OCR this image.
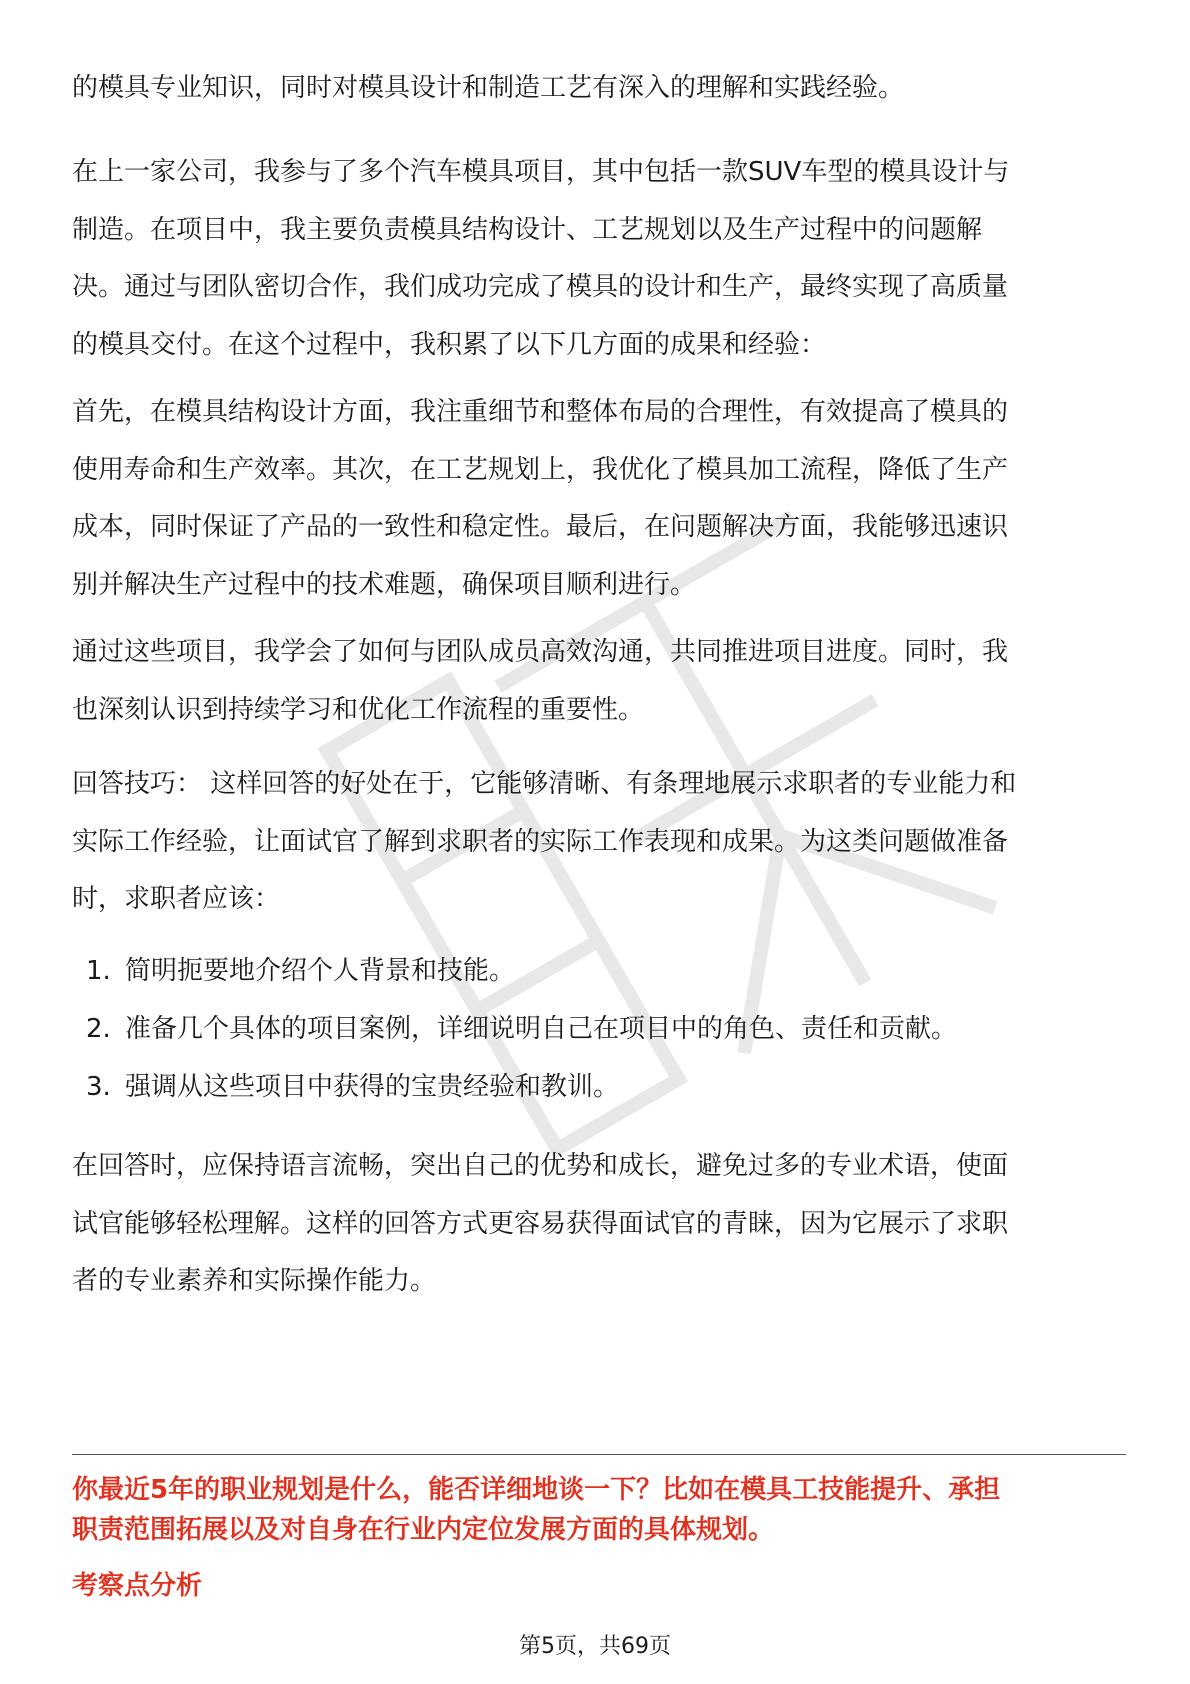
的模具专业知识，同时对模具设计和制造工艺有深入的理解和实践经验。
在上一家公司，我参与了多个汽车模具项目，其中包括一款SUV车型的模具设计与
制造。在项目中，我主要负责模具结构设计、工艺规划以及生产过程中的问题解
决。通过与团队密切合作，我们成功完成了模具的设计和生产，最终实现了高质量
的模具交付。在这个过程中，我积累了以下几方面的成果和经验：
首先，在模具结构设计方面，我注重细节和整体布局的合理性，有效提高了模具的
使用寿命和生产效率。其次，在工艺规划上，我优化了模具加工流程，降低了生产
成本，同时保证了产品的一致性和稳定性。最后，在问题解决方面，我能够迅速识
别并解决生产过程中的技术难题，确保项目顺利进行。
通过这些项目，我学会了如何与团队成员高效沟通，共同推进项目进度。同时，我
也深刻认识到持续学习和优化工作流程的重要性。
回答技巧： 这样回答的好处在于，它能够清晰、有条理地展示求职者的专业能力和
实际工作经验，让面试官了解到求职者的实际工作表现和成果。为这类问题做准备
时，求职者应该：
1. 简明扼要地介绍个人背景和技能。
2. 准备几个具体的项目案例，详细说明自己在项目中的角色、责任和贡献。
3. 强调从这些项目中获得的宝贵经验和教训。
在回答时，应保持语言流畅，突出自己的优势和成长，避免过多的专业术语，使面
试官能够轻松理解。这样的回答方式更容易获得面试官的青睐，因为它展示了求职
者的专业素养和实际操作能力。
你最近5年的职业规划是什么，能否详细地谈一下？比如在模具工技能提升、承担
职责范围拓展以及对自身在行业内定位发展方面的具体规划。
考察点分析
第5页，共69页
